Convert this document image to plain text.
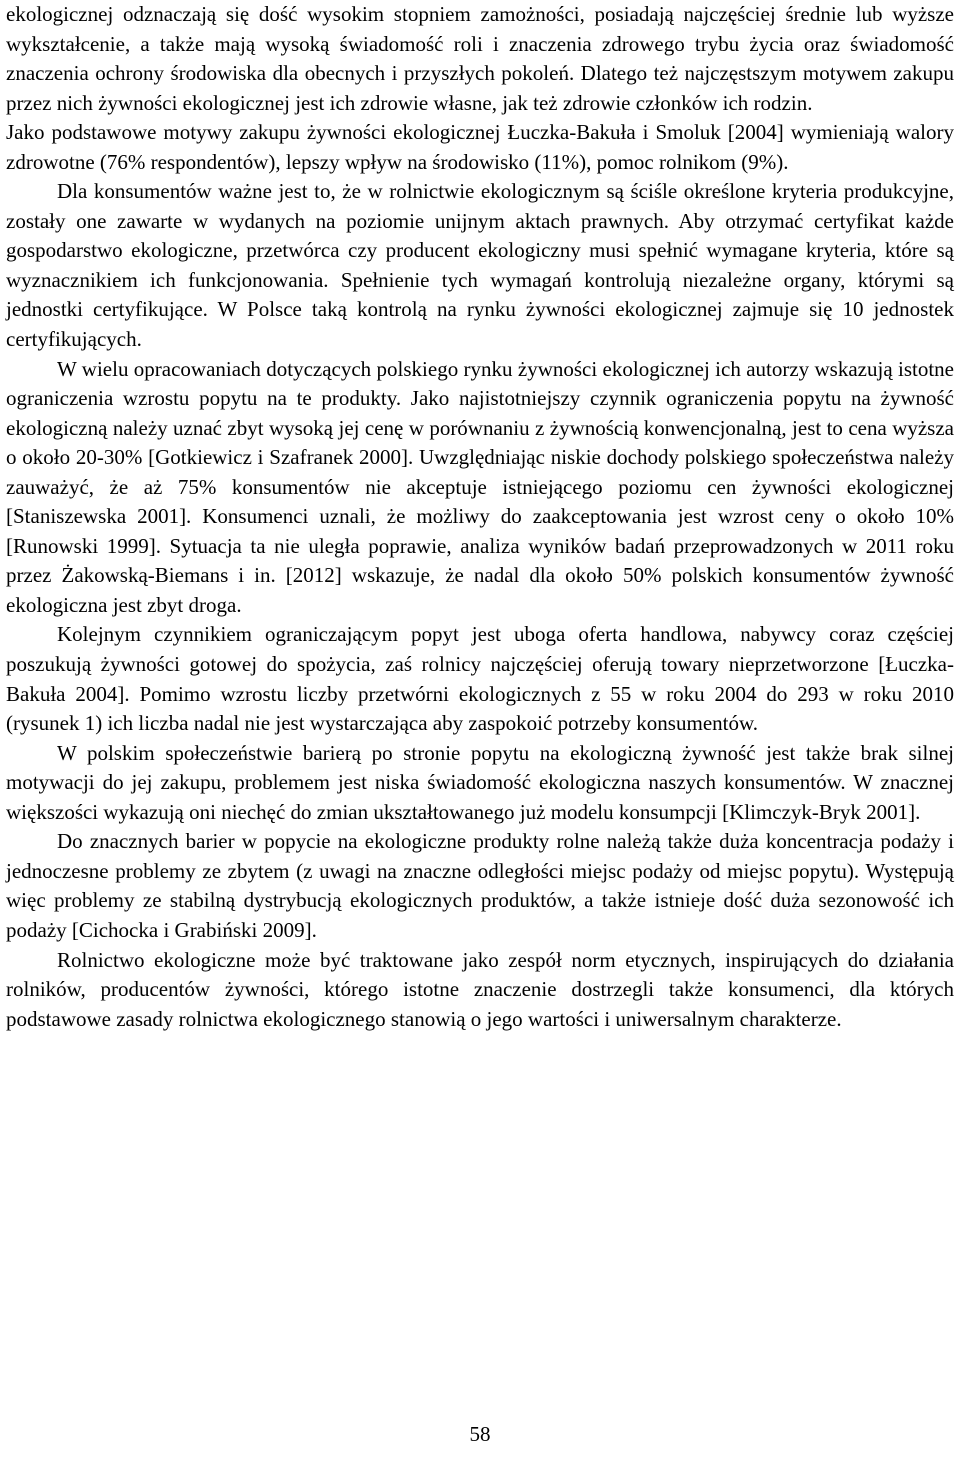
ekologicznej odznaczają się dość wysokim stopniem zamożności, posiadają najczęściej średnie lub wyższe wykształcenie, a także mają wysoką świadomość roli i znaczenia zdrowego trybu życia oraz świadomość znaczenia ochrony środowiska dla obecnych i przyszłych pokoleń. Dlatego też najczęstszym motywem zakupu przez nich żywności ekologicznej jest ich zdrowie własne, jak też zdrowie członków ich rodzin.

Jako podstawowe motywy zakupu żywności ekologicznej Łuczka-Bakuła i Smoluk [2004] wymieniają walory zdrowotne (76% respondentów), lepszy wpływ na środowisko (11%), pomoc rolnikom (9%).

Dla konsumentów ważne jest to, że w rolnictwie ekologicznym są ściśle określone kryteria produkcyjne, zostały one zawarte w wydanych na poziomie unijnym aktach prawnych. Aby otrzymać certyfikat każde gospodarstwo ekologiczne, przetwórca czy producent ekologiczny musi spełnić wymagane kryteria, które są wyznacznikiem ich funkcjonowania. Spełnienie tych wymagań kontrolują niezależne organy, którymi są jednostki certyfikujące. W Polsce taką kontrolą na rynku żywności ekologicznej zajmuje się 10 jednostek certyfikujących.

W wielu opracowaniach dotyczących polskiego rynku żywności ekologicznej ich autorzy wskazują istotne ograniczenia wzrostu popytu na te produkty. Jako najistotniejszy czynnik ograniczenia popytu na żywność ekologiczną należy uznać zbyt wysoką jej cenę w porównaniu z żywnością konwencjonalną, jest to cena wyższa o około 20-30% [Gotkiewicz i Szafranek 2000]. Uwzględniając niskie dochody polskiego społeczeństwa należy zauważyć, że aż 75% konsumentów nie akceptuje istniejącego poziomu cen żywności ekologicznej [Staniszewska 2001]. Konsumenci uznali, że możliwy do zaakceptowania jest wzrost ceny o około 10% [Runowski 1999]. Sytuacja ta nie uległa poprawie, analiza wyników badań przeprowadzonych w 2011 roku przez Żakowską-Biemans i in. [2012] wskazuje, że nadal dla około 50% polskich konsumentów żywność ekologiczna jest zbyt droga.

Kolejnym czynnikiem ograniczającym popyt jest uboga oferta handlowa, nabywcy coraz częściej poszukują żywności gotowej do spożycia, zaś rolnicy najczęściej oferują towary nieprzetworzone [Łuczka-Bakuła 2004]. Pomimo wzrostu liczby przetwórni ekologicznych z 55 w roku 2004 do 293 w roku 2010 (rysunek 1) ich liczba nadal nie jest wystarczająca aby zaspokoić potrzeby konsumentów.

W polskim społeczeństwie barierą po stronie popytu na ekologiczną żywność jest także brak silnej motywacji do jej zakupu, problemem jest niska świadomość ekologiczna naszych konsumentów. W znacznej większości wykazują oni niechęć do zmian ukształtowanego już modelu konsumpcji [Klimczyk-Bryk 2001].

Do znacznych barier w popycie na ekologiczne produkty rolne należą także duża koncentracja podaży i jednoczesne problemy ze zbytem (z uwagi na znaczne odległości miejsc podaży od miejsc popytu). Występują więc problemy ze stabilną dystrybucją ekologicznych produktów, a także istnieje dość duża sezonowość ich podaży [Cichocka i Grabiński 2009].

Rolnictwo ekologiczne może być traktowane jako zespół norm etycznych, inspirujących do działania rolników, producentów żywności, którego istotne znaczenie dostrzegli także konsumenci, dla których podstawowe zasady rolnictwa ekologicznego stanowią o jego wartości i uniwersalnym charakterze.

58
